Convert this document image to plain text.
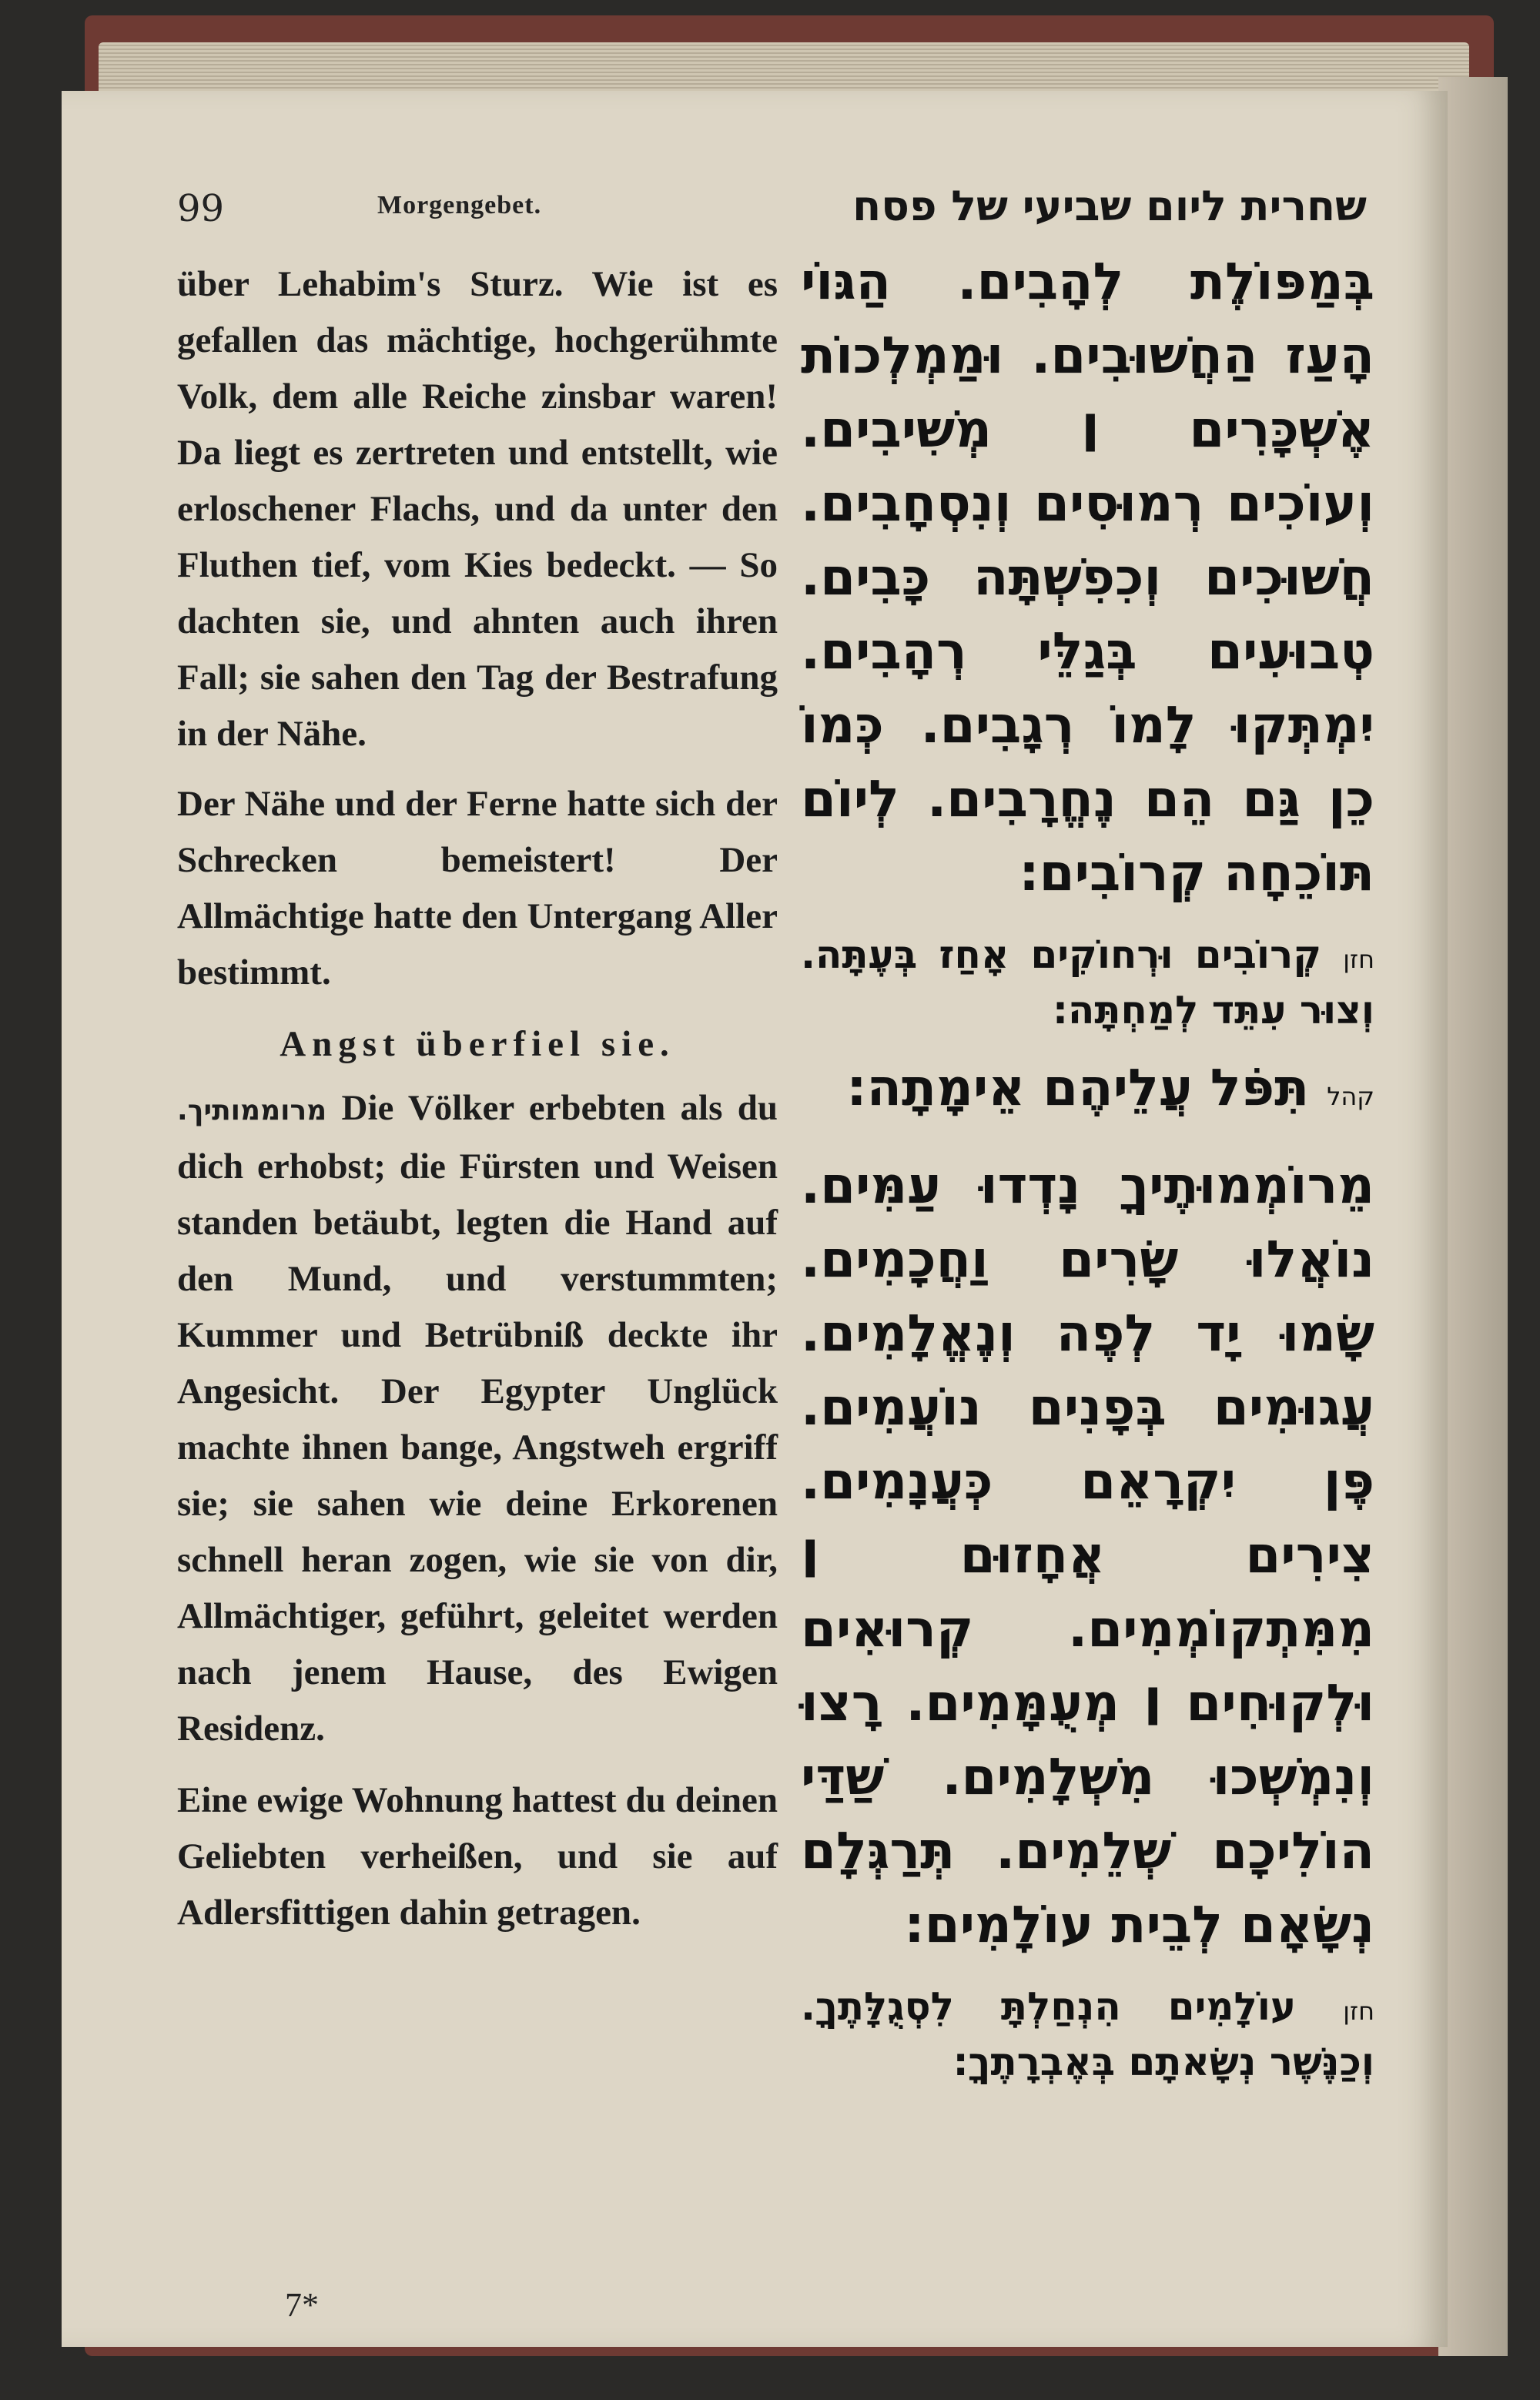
99	Morgengebet.	שחרית ליום שביעי של פסח

über Lehabim's Sturz. Wie ist es gefallen das mächtige, hochgerühmte Volk, dem alle Reiche zinsbar waren! Da liegt es zertreten und entstellt, wie erloschener Flachs, und da unter den Fluthen tief, vom Kies bedeckt. — So dachten sie, und ahnten auch ihren Fall; sie sahen den Tag der Bestrafung in der Nähe.

Der Nähe und der Ferne hatte sich der Schrecken bemeistert! Der Allmächtige hatte den Untergang Aller bestimmt.

Angst überfiel sie.

מרוממותיך. Die Völker erbebten als du dich erhobst; die Fürsten und Weisen standen betäubt, legten die Hand auf den Mund, und verstummten; Kummer und Betrübniß deckte ihr Angesicht. Der Egypter Unglück machte ihnen bange, Angstweh ergriff sie; sie sahen wie deine Erkorenen schnell heran zogen, wie sie von dir, Allmächtiger, geführt, geleitet werden nach jenem Hause, des Ewigen Residenz.

Eine ewige Wohnung hattest du deinen Geliebten verheißen, und sie auf Adlersfittigen dahin getragen.

7*

בְּמַפּוֹלֶת לְהָבִים. הַגּוֹי הָעַז הַחֲשׁוּבִים. וּמַמְלְכוֹת אֶשְׁכָּרִים ׀ מְשִׁיבִים. וְעוֹכִים רְמוּסִים וְנִסְחָבִים. חֲשׁוּכִים וְכִפִשְׁתָּה כָּבִים. טְבוּעִים בְּגַלֵּי רְהָבִים. יִמְתְּקוּ לָמוֹ רְגָבִים. כְּמוֹ כֵן גַּם הֵם נֶחֱרָבִים. לְיוֹם תּוֹכֵחָה קְרוֹבִים:

חזן קְרוֹבִים וּרְחוֹקִים אָחַז בְּעֶתָּה. וְצוּר עִתֵּד לְמַחְתָּה:

קהל תִּפֹּל עֲלֵיהֶם אֵימָתָה:

מֵרוֹמְמוּתֶיךָ נָדְדוּ עַמִּים. נוֹאֲלוּ שָׂרִים וַחֲכָמִים. שָׂמוּ יָד לְפֶה וְנֶאֱלָמִים. עֲגוּמִים בְּפָנִים נוֹעֲמִים. פֶּן יִקְרָאֵם כְּעֲנָמִים. צִירִים אֲחָזוּם ׀ מִמִּתְקוֹמְמִים. קְרוּאִים וּלְקוּחִים ׀ מְעֻמָּמִים. רָצוּ וְנִמְשְׁכוּ מִשְׁלָמִים. שַׁדַּי הוֹלִיכָם שְׁלֵמִים. תְּרַגְּלָם נְשָׂאָם לְבֵית עוֹלָמִים:

חזן עוֹלָמִים הִנְחַלְתָּ לִסְגֻלָּתֶךָ. וְכַנֶּשֶׁר נְשָׂאתָם בְּאֶבְרָתֶךָ:
